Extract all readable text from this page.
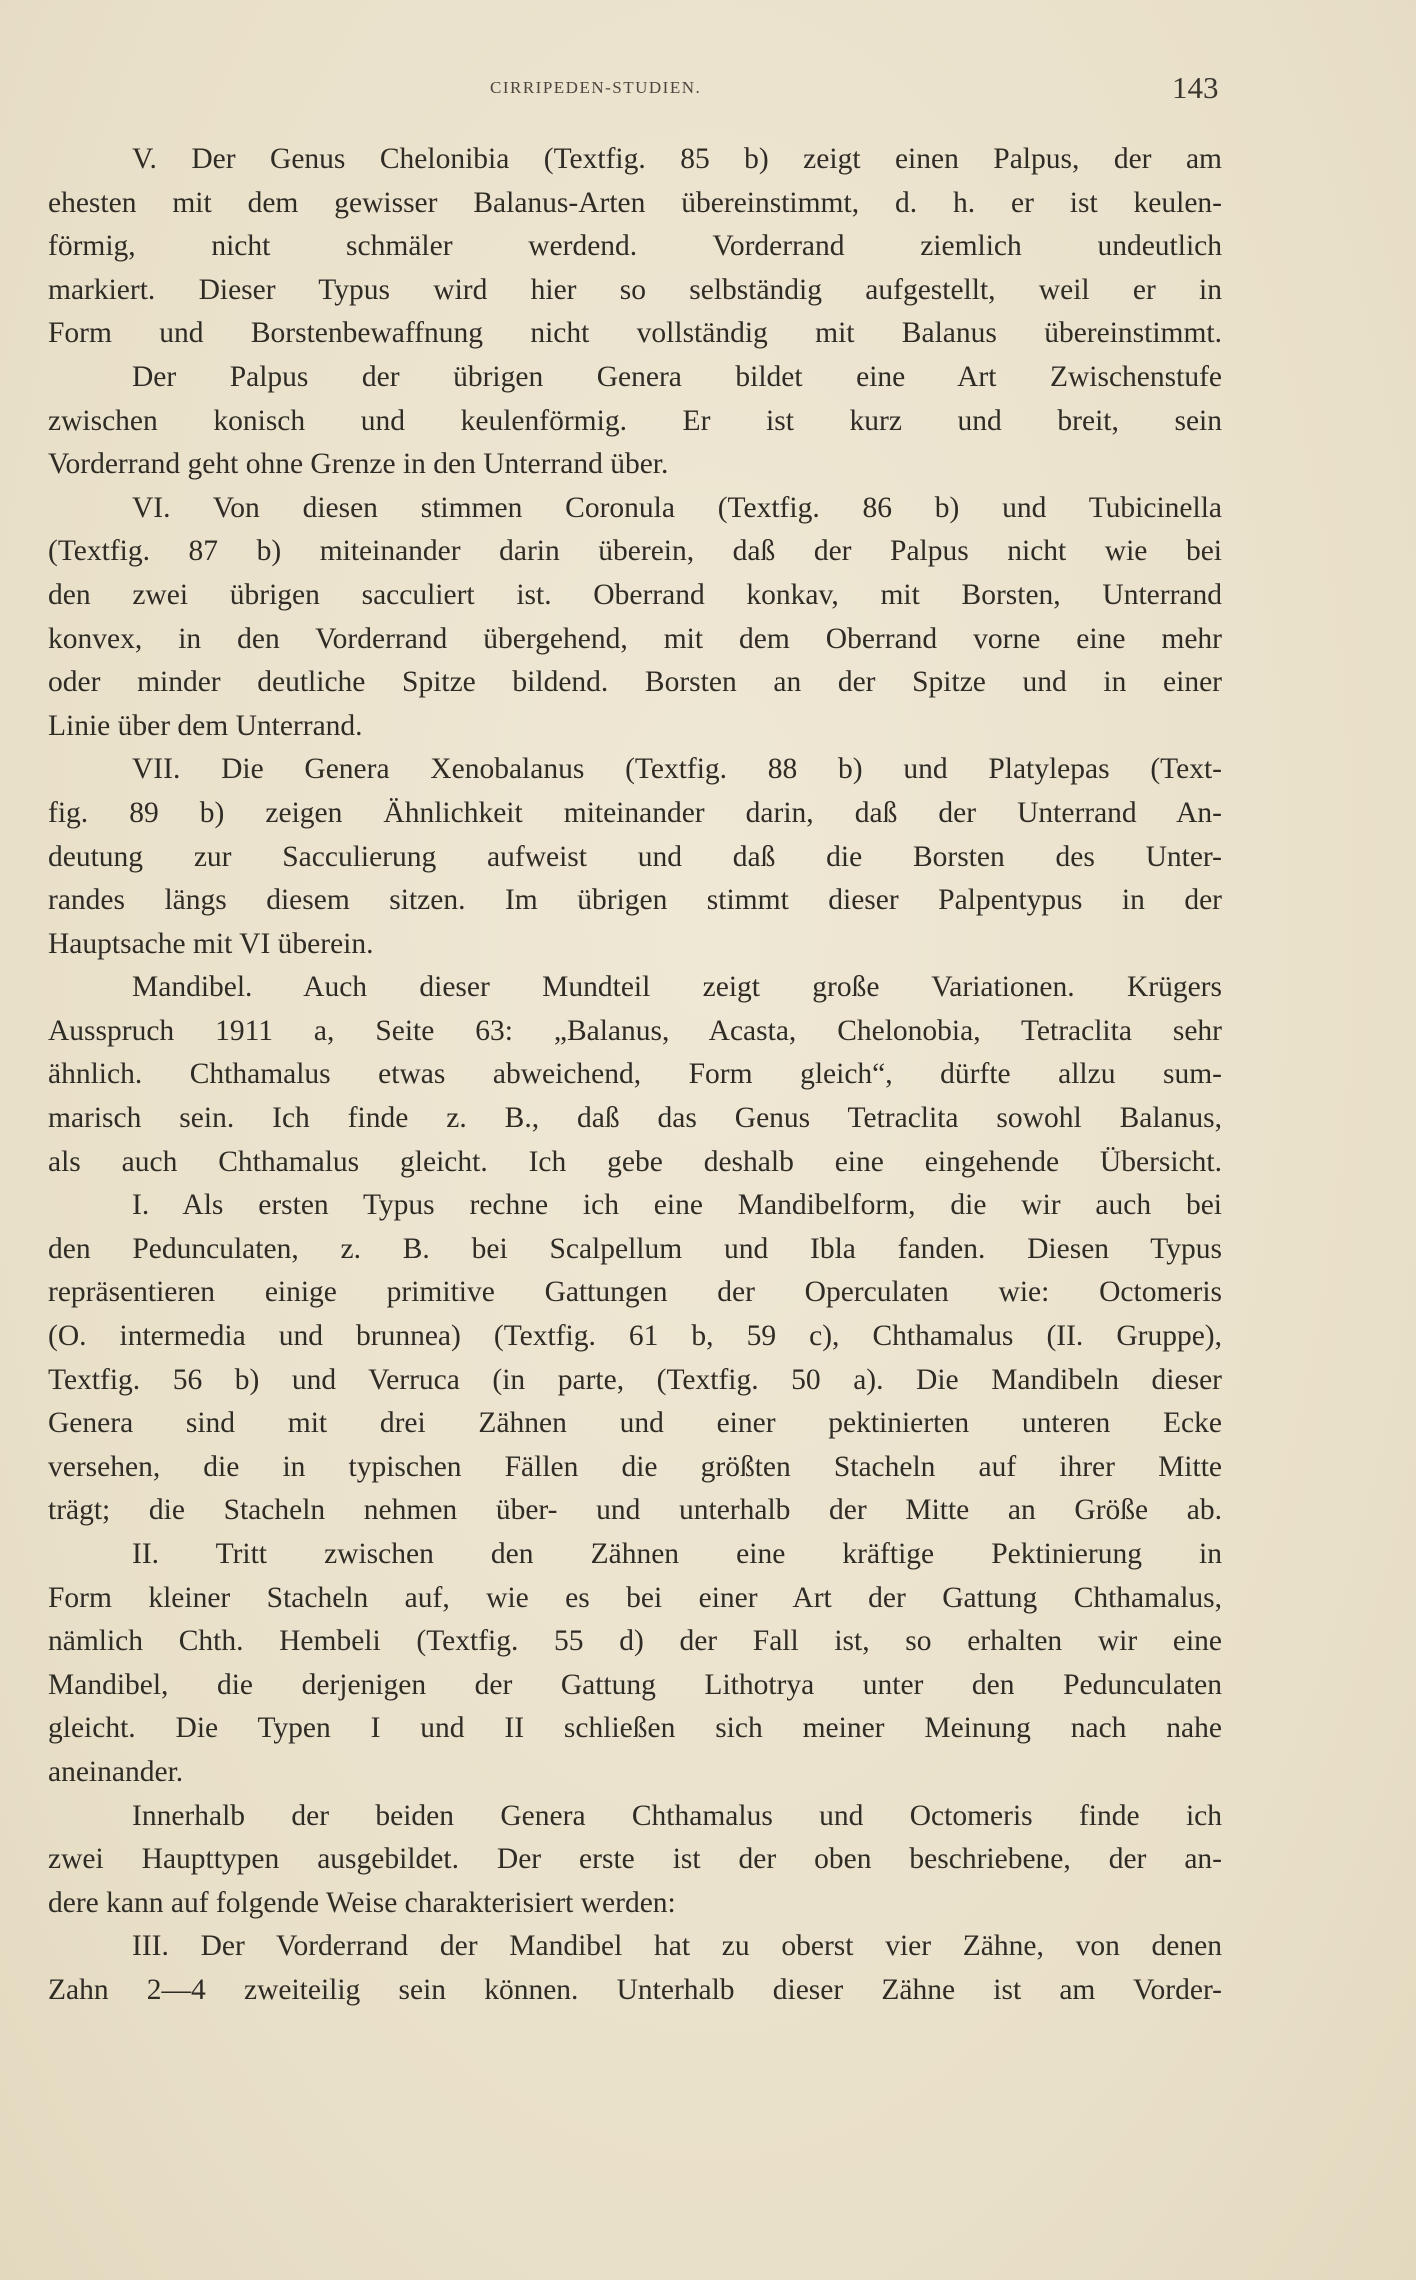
CIRRIPEDEN-STUDIEN.	143
V. Der Genus Chelonibia (Textfig. 85 b) zeigt einen Palpus, der am
ehesten mit dem gewisser Balanus-Arten übereinstimmt, d. h. er ist keulen-
förmig, nicht schmäler werdend. Vorderrand ziemlich undeutlich
markiert. Dieser Typus wird hier so selbständig aufgestellt, weil er in
Form und Borstenbewaffnung nicht vollständig mit Balanus übereinstimmt.
Der Palpus der übrigen Genera bildet eine Art Zwischenstufe
zwischen konisch und keulenförmig. Er ist kurz und breit, sein
Vorderrand geht ohne Grenze in den Unterrand über.
VI. Von diesen stimmen Coronula (Textfig. 86 b) und Tubicinella
(Textfig. 87 b) miteinander darin überein, daß der Palpus nicht wie bei
den zwei übrigen sacculiert ist. Oberrand konkav, mit Borsten, Unterrand
konvex, in den Vorderrand übergehend, mit dem Oberrand vorne eine mehr
oder minder deutliche Spitze bildend. Borsten an der Spitze und in einer
Linie über dem Unterrand.
VII. Die Genera Xenobalanus (Textfig. 88 b) und Platylepas (Text-
fig. 89 b) zeigen Ähnlichkeit miteinander darin, daß der Unterrand An-
deutung zur Sacculierung aufweist und daß die Borsten des Unter-
randes längs diesem sitzen. Im übrigen stimmt dieser Palpentypus in der
Hauptsache mit VI überein.
Mandibel. Auch dieser Mundteil zeigt große Variationen. Krügers
Ausspruch 1911 a, Seite 63: „Balanus, Acasta, Chelonobia, Tetraclita sehr
ähnlich. Chthamalus etwas abweichend, Form gleich“, dürfte allzu sum-
marisch sein. Ich finde z. B., daß das Genus Tetraclita sowohl Balanus,
als auch Chthamalus gleicht. Ich gebe deshalb eine eingehende Übersicht.
I. Als ersten Typus rechne ich eine Mandibelform, die wir auch bei
den Pedunculaten, z. B. bei Scalpellum und Ibla fanden. Diesen Typus
repräsentieren einige primitive Gattungen der Operculaten wie: Octomeris
(O. intermedia und brunnea) (Textfig. 61 b, 59 c), Chthamalus (II. Gruppe),
Textfig. 56 b) und Verruca (in parte, (Textfig. 50 a). Die Mandibeln dieser
Genera sind mit drei Zähnen und einer pektinierten unteren Ecke
versehen, die in typischen Fällen die größten Stacheln auf ihrer Mitte
trägt; die Stacheln nehmen über- und unterhalb der Mitte an Größe ab.
II. Tritt zwischen den Zähnen eine kräftige Pektinierung in
Form kleiner Stacheln auf, wie es bei einer Art der Gattung Chthamalus,
nämlich Chth. Hembeli (Textfig. 55 d) der Fall ist, so erhalten wir eine
Mandibel, die derjenigen der Gattung Lithotrya unter den Pedunculaten
gleicht. Die Typen I und II schließen sich meiner Meinung nach nahe
aneinander.
Innerhalb der beiden Genera Chthamalus und Octomeris finde ich
zwei Haupttypen ausgebildet. Der erste ist der oben beschriebene, der an-
dere kann auf folgende Weise charakterisiert werden:
III. Der Vorderrand der Mandibel hat zu oberst vier Zähne, von denen
Zahn 2—4 zweiteilig sein können. Unterhalb dieser Zähne ist am Vorder-
